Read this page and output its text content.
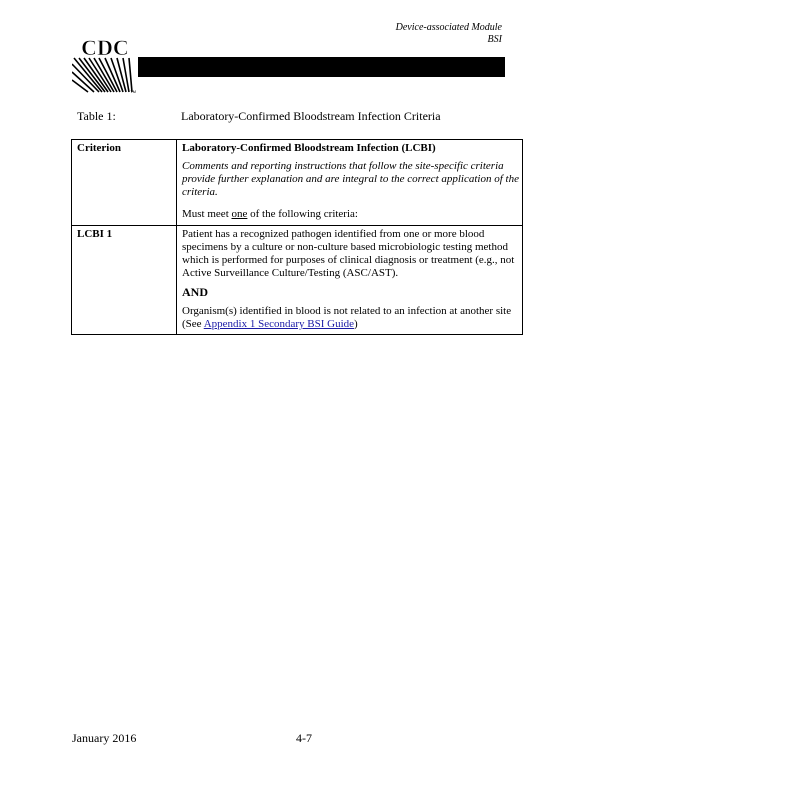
Device-associated Module
BSI
CDC
TM
Table 1:	Laboratory-Confirmed Bloodstream Infection Criteria
Criterion	Laboratory-Confirmed Bloodstream Infection (LCBI)

Comments and reporting instructions that follow the site-specific criteria provide further explanation and are integral to the correct application of the criteria.

Must meet one of the following criteria:

LCBI 1	Patient has a recognized pathogen identified from one or more blood specimens by a culture or non-culture based microbiologic testing method which is performed for purposes of clinical diagnosis or treatment (e.g., not Active Surveillance Culture/Testing (ASC/AST).

AND

Organism(s) identified in blood is not related to an infection at another site (See Appendix 1 Secondary BSI Guide)

January 2016	4-7
